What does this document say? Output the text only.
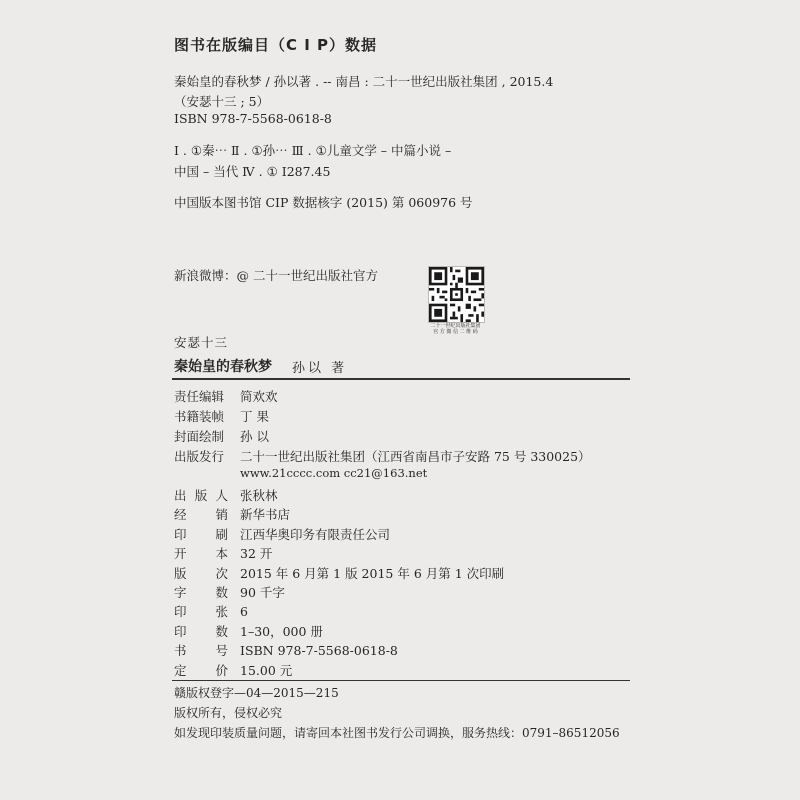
图书在版编目（C I P）数据
秦始皇的春秋梦 / 孙以著 . -- 南昌 : 二十一世纪出版社集团 , 2015.4
（安瑟十三 ; 5）
ISBN 978-7-5568-0618-8
Ⅰ . ①秦⋯ Ⅱ . ①孙⋯ Ⅲ . ①儿童文学 – 中篇小说 –
中国 – 当代 Ⅳ . ① I287.45
中国版本图书馆 CIP 数据核字 (2015) 第 060976 号
新浪微博：@ 二十一世纪出版社官方
二十一世纪出版社集团
官 方 微 信 二 维 码
安瑟十三
秦始皇的春秋梦 孙以 著
责任编辑 简欢欢
书籍装帧 丁 果
封面绘制 孙 以
出版发行 二十一世纪出版社集团（江西省南昌市子安路 75 号 330025）
www.21cccc.com cc21@163.net
出 版 人 张秋林
经 销 新华书店
印 刷 江西华奥印务有限责任公司
开 本 32 开
版 次 2015 年 6 月第 1 版 2015 年 6 月第 1 次印刷
字 数 90 千字
印 张 6
印 数 1–30，000 册
书 号 ISBN 978-7-5568-0618-8
定 价 15.00 元
赣版权登字—04—2015—215
版权所有，侵权必究
如发现印装质量问题，请寄回本社图书发行公司调换，服务热线：0791–86512056
